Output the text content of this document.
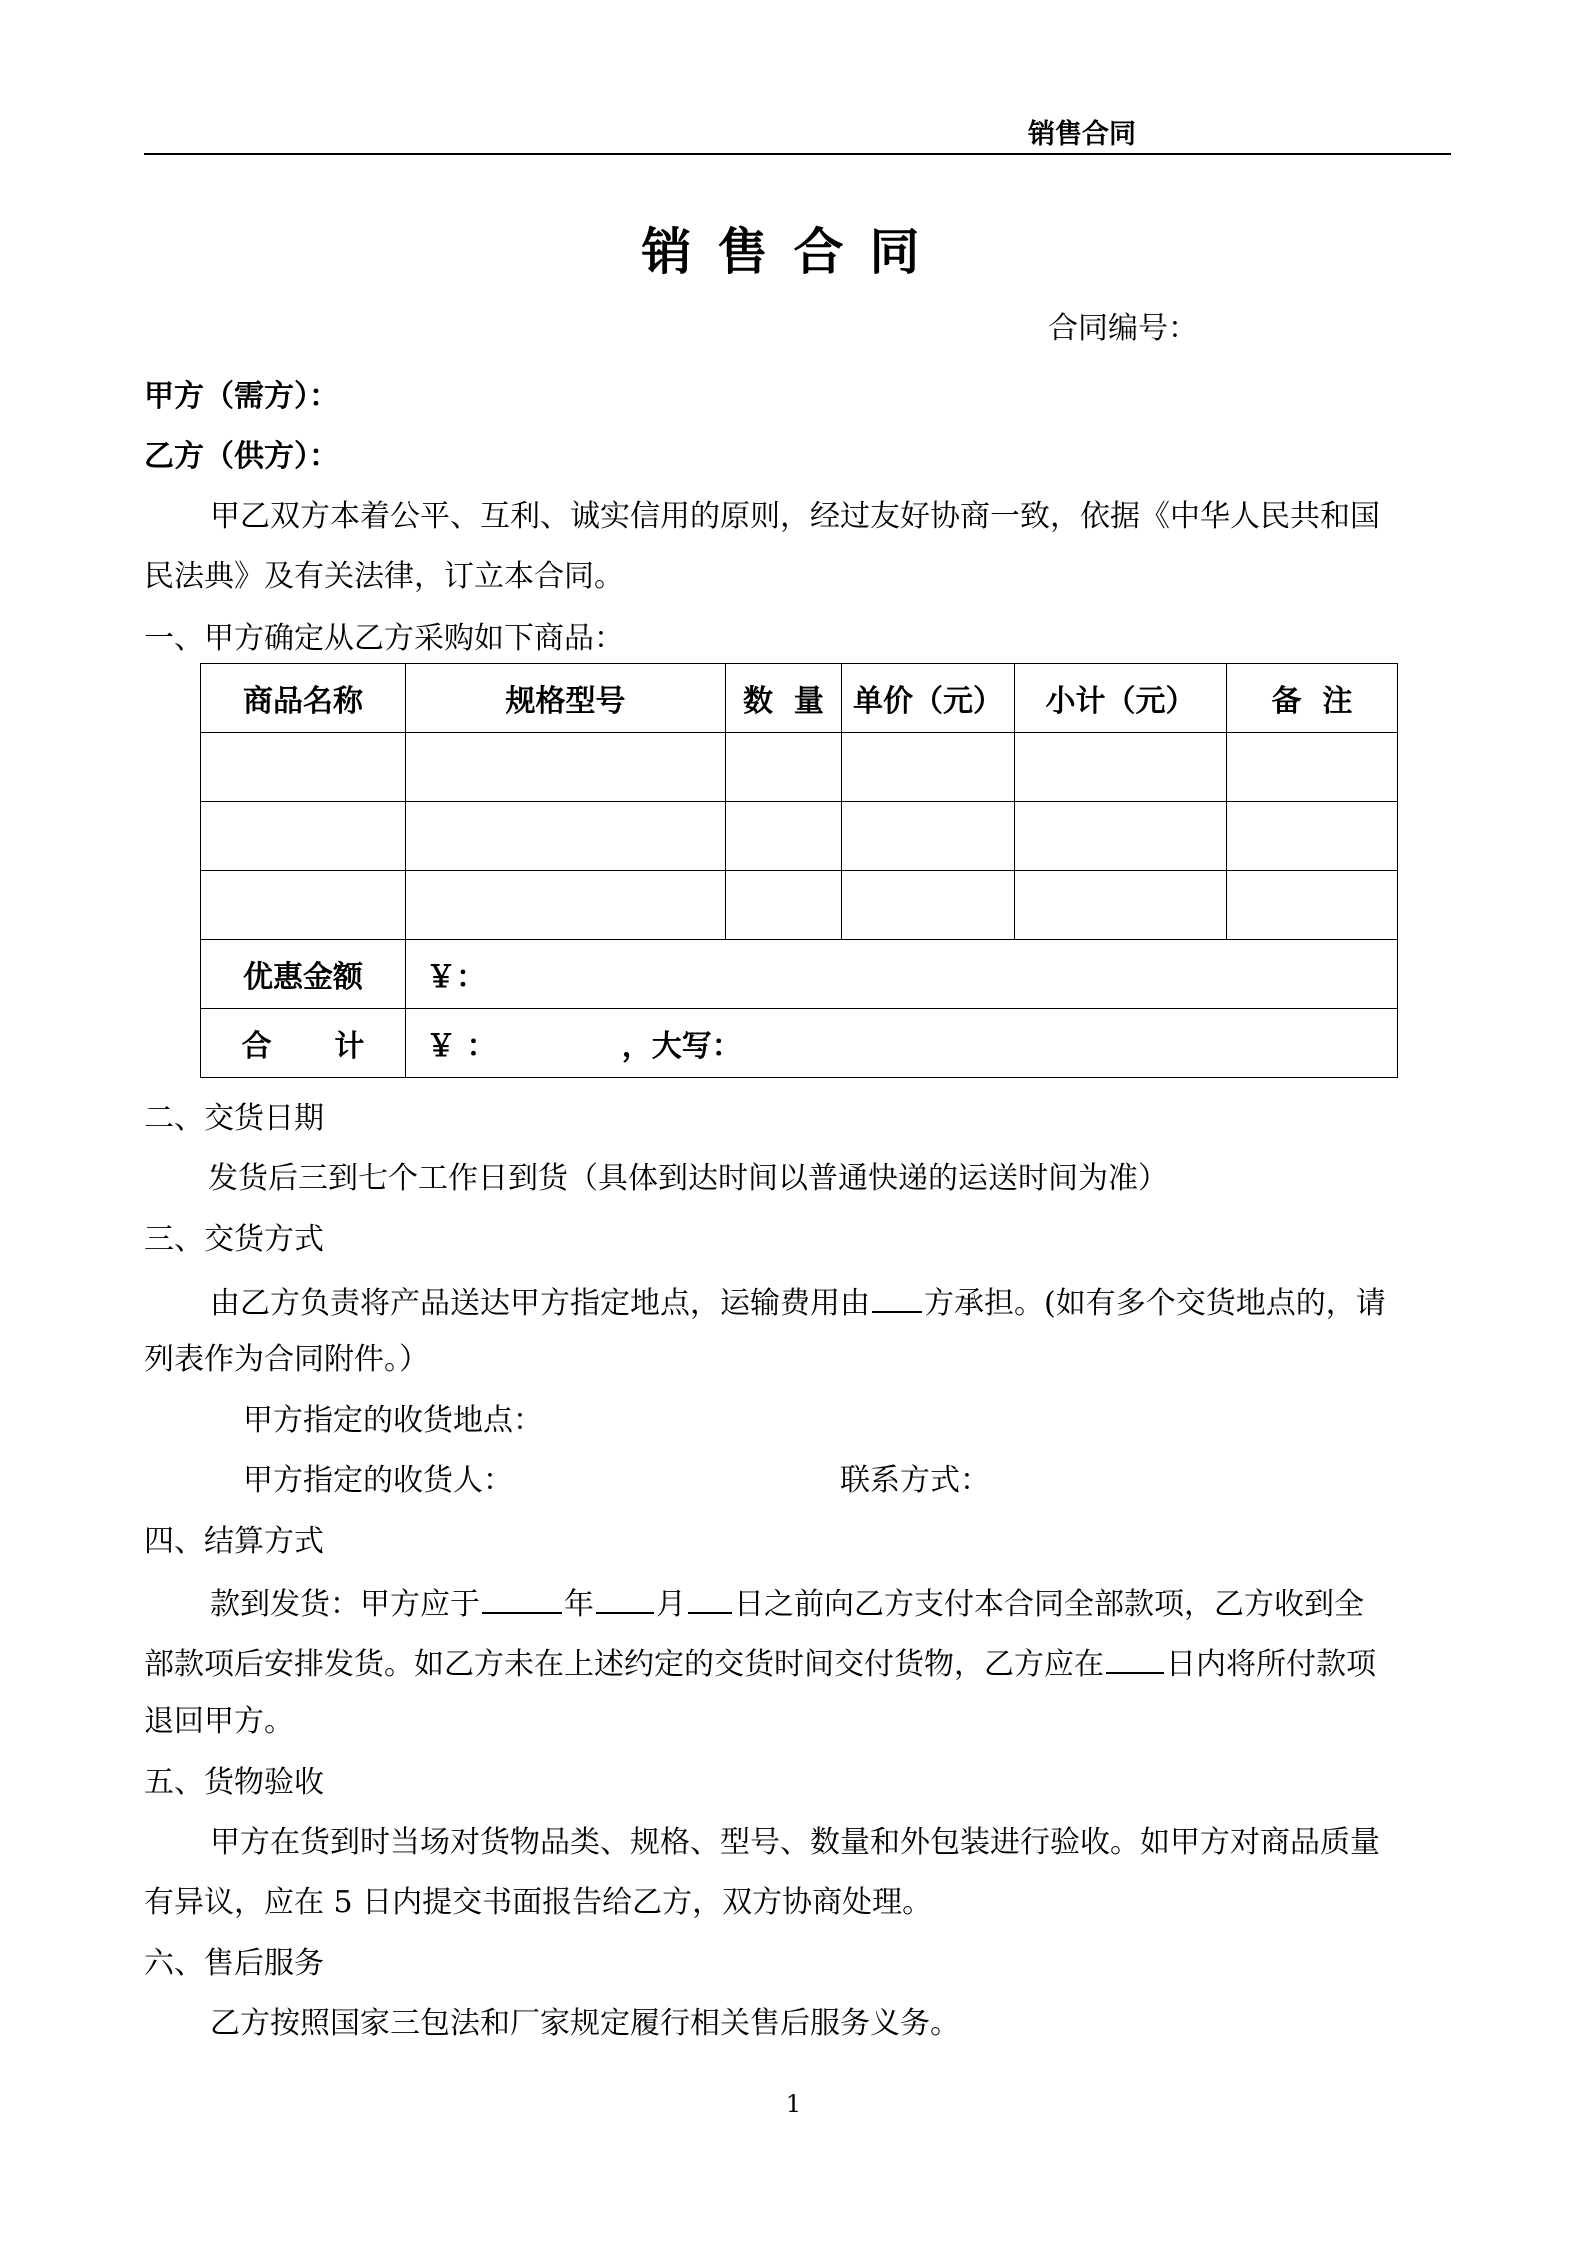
销售合同
销售合同
合同编号：
甲方（需方）：
乙方（供方）：
甲乙双方本着公平、互利、诚实信用的原则，经过友好协商一致，依据《中华人民共和国
民法典》及有关法律，订立本合同。
一、甲方确定从乙方采购如下商品：
商品名称	规格型号	数  量	单价（元）	小计（元）	备  注

优惠金额	￥：				
合      计	￥ ：            ，大写：				
二、交货日期
发货后三到七个工作日到货（具体到达时间以普通快递的运送时间为准）
三、交货方式
由乙方负责将产品送达甲方指定地点，运输费用由 方承担。(如有多个交货地点的，请
列表作为合同附件。）
甲方指定的收货地点：
甲方指定的收货人：	联系方式：
四、结算方式
款到发货：甲方应于	年 月 日之前向乙方支付本合同全部款项，乙方收到全
部款项后安排发货。如乙方未在上述约定的交货时间交付货物，乙方应在 日内将所付款项
退回甲方。
五、货物验收
甲方在货到时当场对货物品类、规格、型号、数量和外包装进行验收。如甲方对商品质量
有异议，应在 5 日内提交书面报告给乙方，双方协商处理。
六、售后服务
乙方按照国家三包法和厂家规定履行相关售后服务义务。
1
